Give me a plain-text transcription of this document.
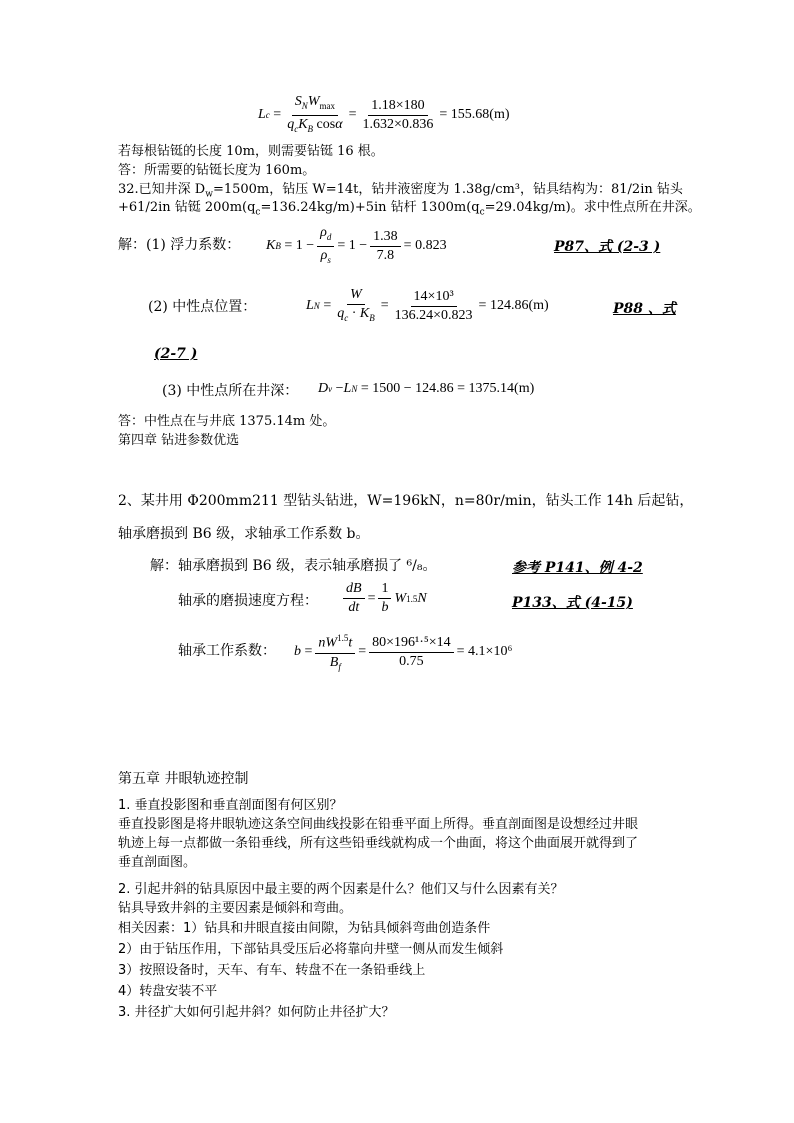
L $c = \frac{S_NW_{max}}{q_cK_B \cos\alpha} = \frac{1.18\times 180}{1.632\times 0.836} = 155.68(m)$
若每根钻铤的长度 10m，则需要钻铤 16 根。
答：所需要的钻铤长度为 160m。
32.已知井深 $D_w=1500m$，钻压 W=14t，钻井液密度为 1.38g/cm³，钻具结构为：81/2in 钻头
+61/2in 钻铤 $200m(q_c=136.24kg/m)+5in$ 钻杆 $1300m(q_c=29.04kg/m)$。求中性点所在井深。
解：(1) 浮力系数： K $B = 1 - \frac{\rho_d}{\rho_s} = 1 - \frac{1.38}{7.8} = 0.823$	P87、式 (2-3 )
(2) 中性点位置：	L $N = \frac{W}{q_c \cdot K_B} = \frac{\text{14×10³}}{136.24\times 0.823} = 124.86(m)$	P88 、式
(2-7 )
(3) 中性点所在井深： D v − L N
= 1500 − 124.86 = 1375.14(m)
答：中性点在与井底 1375.14m 处。
第四章 钻进参数优选
2、某井用 Φ200mm211 型钻头钻进，W=196kN，n=80r/min，钻头工作 14h 后起钻，
轴承磨损到 B6 级，求轴承工作系数 b。
解：轴承磨损到 B6 级，表示轴承磨损了 ⁶/₈。	参考 P141、例 4-2
轴承的磨损速度方程： $\frac{dB}{dt} = \frac{1}{b}$ W 1.5 N	P133、式 (4-15)
轴承工作系数： $b = \frac{nW^{1.5}t}{B_f} = \frac{\text{80×196¹·⁵×14}}{0.75} = 4.1\times 10^6$
第五章 井眼轨迹控制
1. 垂直投影图和垂直剖面图有何区别？
垂直投影图是将井眼轨迹这条空间曲线投影在铅垂平面上所得。垂直剖面图是设想经过井眼
轨迹上每一点都做一条铅垂线，所有这些铅垂线就构成一个曲面，将这个曲面展开就得到了
垂直剖面图。
2. 引起井斜的钻具原因中最主要的两个因素是什么？他们又与什么因素有关？
钻具导致井斜的主要因素是倾斜和弯曲。
相关因素：1）钻具和井眼直接由间隙，为钻具倾斜弯曲创造条件
2）由于钻压作用，下部钻具受压后必将靠向井壁一侧从而发生倾斜
3）按照设备时，天车、有车、转盘不在一条铅垂线上
4）转盘安装不平
3. 井径扩大如何引起井斜？如何防止井径扩大？
